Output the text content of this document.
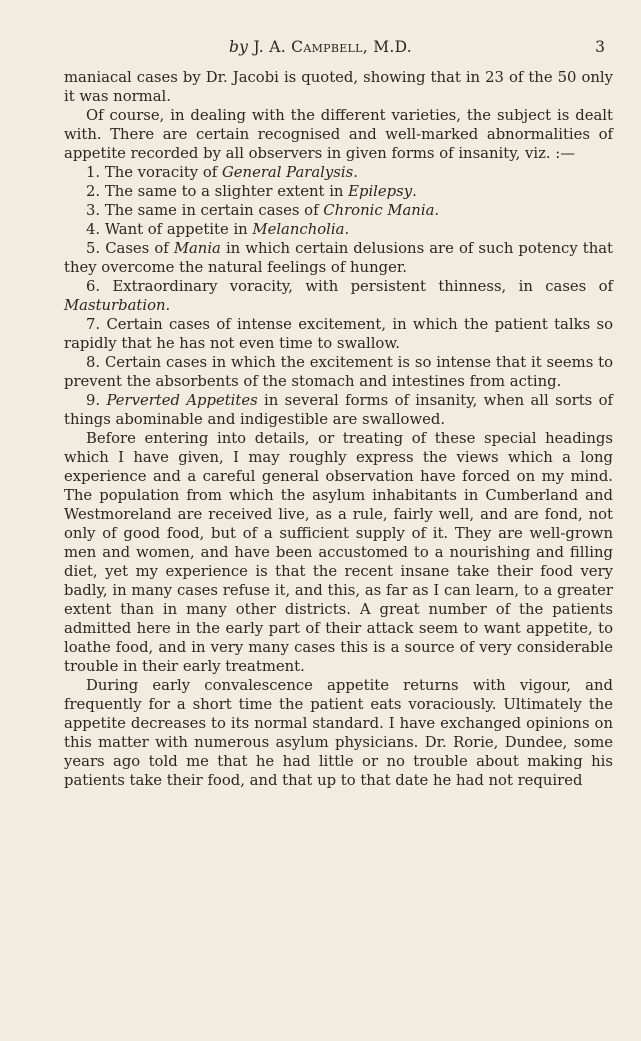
by J. A. Campbell, M.D.	3

maniacal cases by Dr. Jacobi is quoted, showing that in 23 of the 50 only it was normal.

Of course, in dealing with the different varieties, the subject is dealt with. There are certain recognised and well-marked abnormalities of appetite recorded by all observers in given forms of insanity, viz. :—

1. The voracity of General Paralysis.

2. The same to a slighter extent in Epilepsy.

3. The same in certain cases of Chronic Mania.

4. Want of appetite in Melancholia.

5. Cases of Mania in which certain delusions are of such potency that they overcome the natural feelings of hunger.

6. Extraordinary voracity, with persistent thinness, in cases of Masturbation.

7. Certain cases of intense excitement, in which the patient talks so rapidly that he has not even time to swallow.

8. Certain cases in which the excitement is so intense that it seems to prevent the absorbents of the stomach and intestines from acting.

9. Perverted Appetites in several forms of insanity, when all sorts of things abominable and indigestible are swallowed.

Before entering into details, or treating of these special headings which I have given, I may roughly express the views which a long experience and a careful general observation have forced on my mind. The population from which the asylum inhabitants in Cumberland and Westmoreland are received live, as a rule, fairly well, and are fond, not only of good food, but of a sufficient supply of it. They are well-grown men and women, and have been accustomed to a nourishing and filling diet, yet my experience is that the recent insane take their food very badly, in many cases refuse it, and this, as far as I can learn, to a greater extent than in many other districts. A great number of the patients admitted here in the early part of their attack seem to want appetite, to loathe food, and in very many cases this is a source of very considerable trouble in their early treatment.

During early convalescence appetite returns with vigour, and frequently for a short time the patient eats voraciously. Ultimately the appetite decreases to its normal standard. I have exchanged opinions on this matter with numerous asylum physicians. Dr. Rorie, Dundee, some years ago told me that he had little or no trouble about making his patients take their food, and that up to that date he had not required
